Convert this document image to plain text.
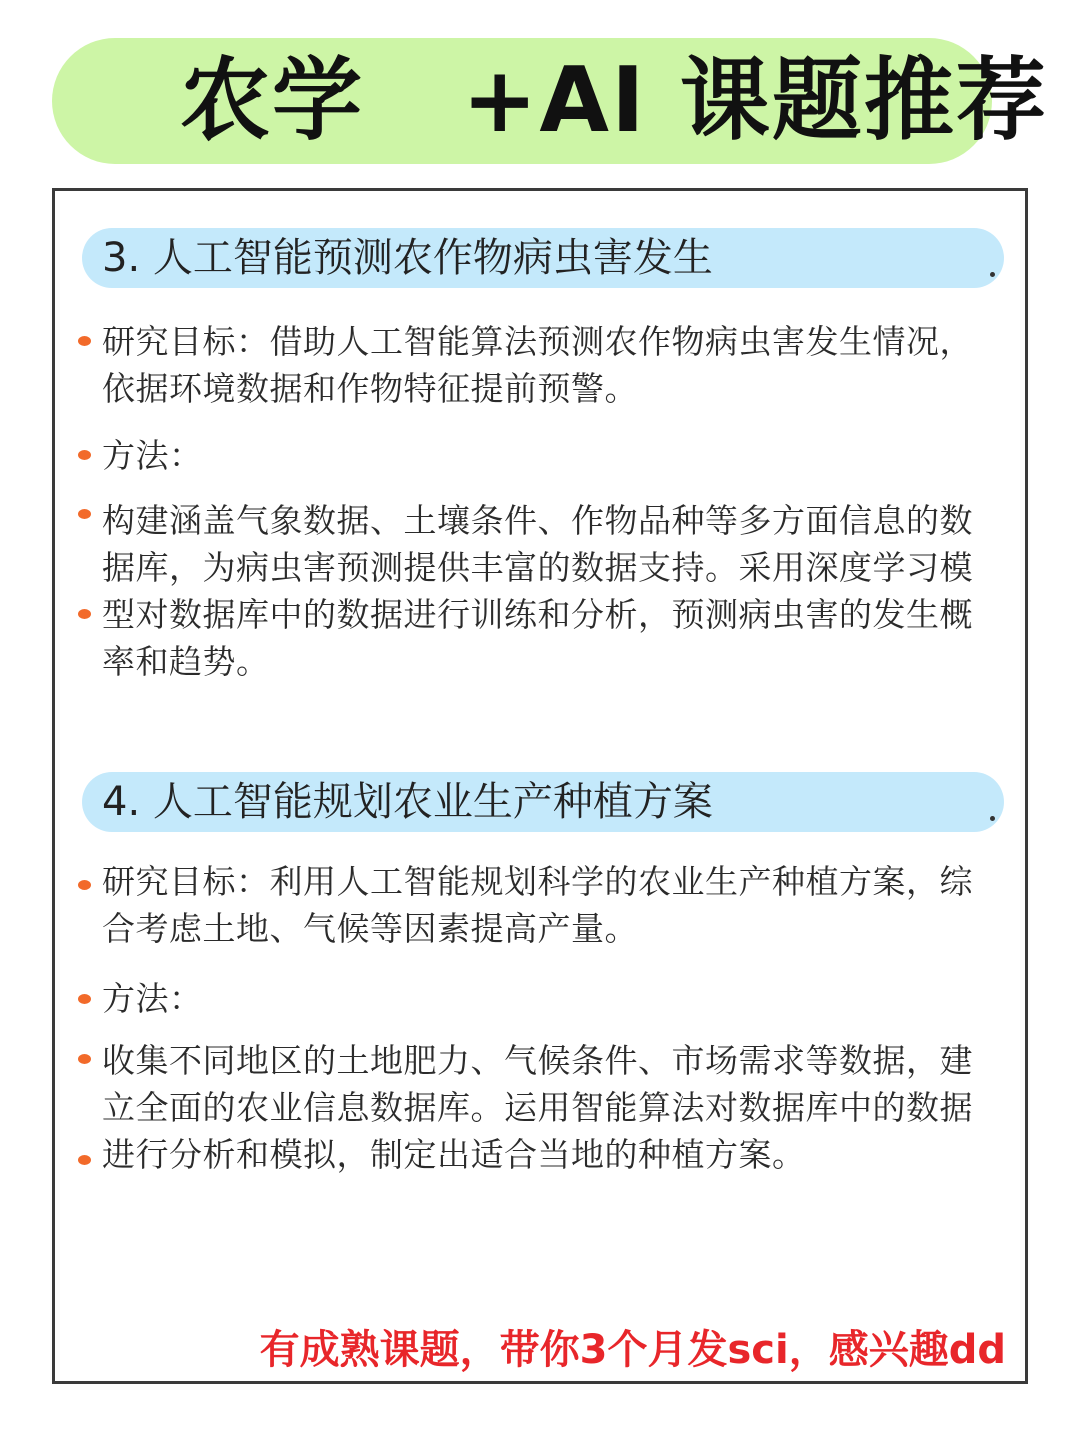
农学 +AI 课题推荐
3. 人工智能预测农作物病虫害发生
研究目标：借助人工智能算法预测农作物病虫害发生情况，依据环境数据和作物特征提前预警。
方法：
构建涵盖气象数据、土壤条件、作物品种等多方面信息的数据库，为病虫害预测提供丰富的数据支持。采用深度学习模型对数据库中的数据进行训练和分析，预测病虫害的发生概率和趋势。
4. 人工智能规划农业生产种植方案
研究目标：利用人工智能规划科学的农业生产种植方案，综合考虑土地、气候等因素提高产量。
方法：
收集不同地区的土地肥力、气候条件、市场需求等数据，建立全面的农业信息数据库。运用智能算法对数据库中的数据进行分析和模拟，制定出适合当地的种植方案。
有成熟课题，带你3个月发sci，感兴趣dd
